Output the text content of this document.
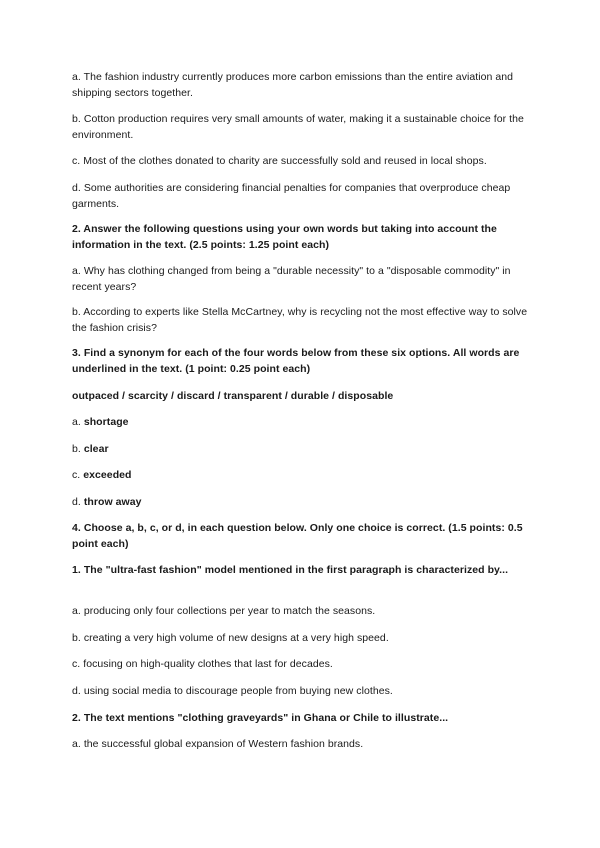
a. The fashion industry currently produces more carbon emissions than the entire aviation and shipping sectors together.

b. Cotton production requires very small amounts of water, making it a sustainable choice for the environment.

c. Most of the clothes donated to charity are successfully sold and reused in local shops.

d. Some authorities are considering financial penalties for companies that overproduce cheap garments.

2. Answer the following questions using your own words but taking into account the information in the text. (2.5 points: 1.25 point each)

a. Why has clothing changed from being a "durable necessity" to a "disposable commodity" in recent years?

b. According to experts like Stella McCartney, why is recycling not the most effective way to solve the fashion crisis?

3. Find a synonym for each of the four words below from these six options. All words are underlined in the text. (1 point: 0.25 point each)

outpaced / scarcity / discard / transparent / durable / disposable

a. shortage

b. clear

c. exceeded

d. throw away

4. Choose a, b, c, or d, in each question below. Only one choice is correct. (1.5 points: 0.5 point each)

1. The "ultra-fast fashion" model mentioned in the first paragraph is characterized by...

a. producing only four collections per year to match the seasons.

b. creating a very high volume of new designs at a very high speed.

c. focusing on high-quality clothes that last for decades.

d. using social media to discourage people from buying new clothes.

2. The text mentions "clothing graveyards" in Ghana or Chile to illustrate...

a. the successful global expansion of Western fashion brands.
